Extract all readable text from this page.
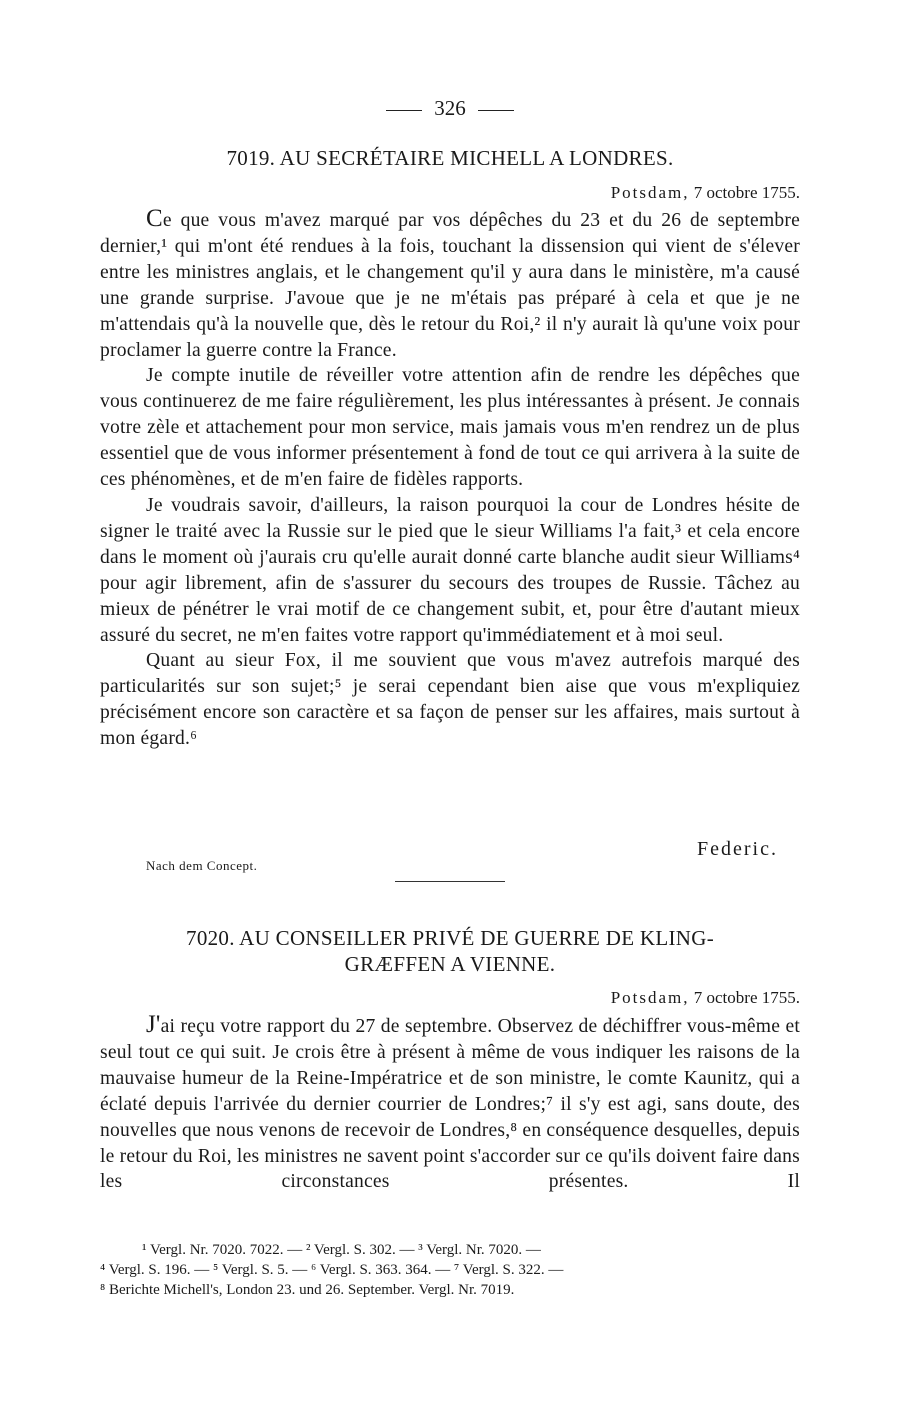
326
7019. AU SECRÉTAIRE MICHELL A LONDRES.
Potsdam, 7 octobre 1755.

Ce que vous m'avez marqué par vos dépêches du 23 et du 26 de septembre dernier,¹ qui m'ont été rendues à la fois, touchant la dissension qui vient de s'élever entre les ministres anglais, et le changement qu'il y aura dans le ministère, m'a causé une grande surprise. J'avoue que je ne m'étais pas préparé à cela et que je ne m'attendais qu'à la nouvelle que, dès le retour du Roi,² il n'y aurait là qu'une voix pour proclamer la guerre contre la France.

Je compte inutile de réveiller votre attention afin de rendre les dépêches que vous continuerez de me faire régulièrement, les plus intéressantes à présent. Je connais votre zèle et attachement pour mon service, mais jamais vous m'en rendrez un de plus essentiel que de vous informer présentement à fond de tout ce qui arrivera à la suite de ces phénomènes, et de m'en faire de fidèles rapports.

Je voudrais savoir, d'ailleurs, la raison pourquoi la cour de Londres hésite de signer le traité avec la Russie sur le pied que le sieur Williams l'a fait,³ et cela encore dans le moment où j'aurais cru qu'elle aurait donné carte blanche audit sieur Williams⁴ pour agir librement, afin de s'assurer du secours des troupes de Russie. Tâchez au mieux de pénétrer le vrai motif de ce changement subit, et, pour être d'autant mieux assuré du secret, ne m'en faites votre rapport qu'immédiatement et à moi seul.

Quant au sieur Fox, il me souvient que vous m'avez autrefois marqué des particularités sur son sujet;⁵ je serai cependant bien aise que vous m'expliquiez précisément encore son caractère et sa façon de penser sur les affaires, mais surtout à mon égard.⁶

Federic.
Nach dem Concept.
7020. AU CONSEILLER PRIVÉ DE GUERRE DE KLING-
GRÆFFEN A VIENNE.
Potsdam, 7 octobre 1755.

J'ai reçu votre rapport du 27 de septembre. Observez de déchiffrer vous-même et seul tout ce qui suit. Je crois être à présent à même de vous indiquer les raisons de la mauvaise humeur de la Reine-Impératrice et de son ministre, le comte Kaunitz, qui a éclaté depuis l'arrivée du dernier courrier de Londres;⁷ il s'y est agi, sans doute, des nouvelles que nous venons de recevoir de Londres,⁸ en conséquence desquelles, depuis le retour du Roi, les ministres ne savent point s'accorder sur ce qu'ils doivent faire dans les circonstances présentes. Il

¹ Vergl. Nr. 7020. 7022. — ² Vergl. S. 302. — ³ Vergl. Nr. 7020. —
⁴ Vergl. S. 196. — ⁵ Vergl. S. 5. — ⁶ Vergl. S. 363. 364. — ⁷ Vergl. S. 322. —
⁸ Berichte Michell's, London 23. und 26. September. Vergl. Nr. 7019.
